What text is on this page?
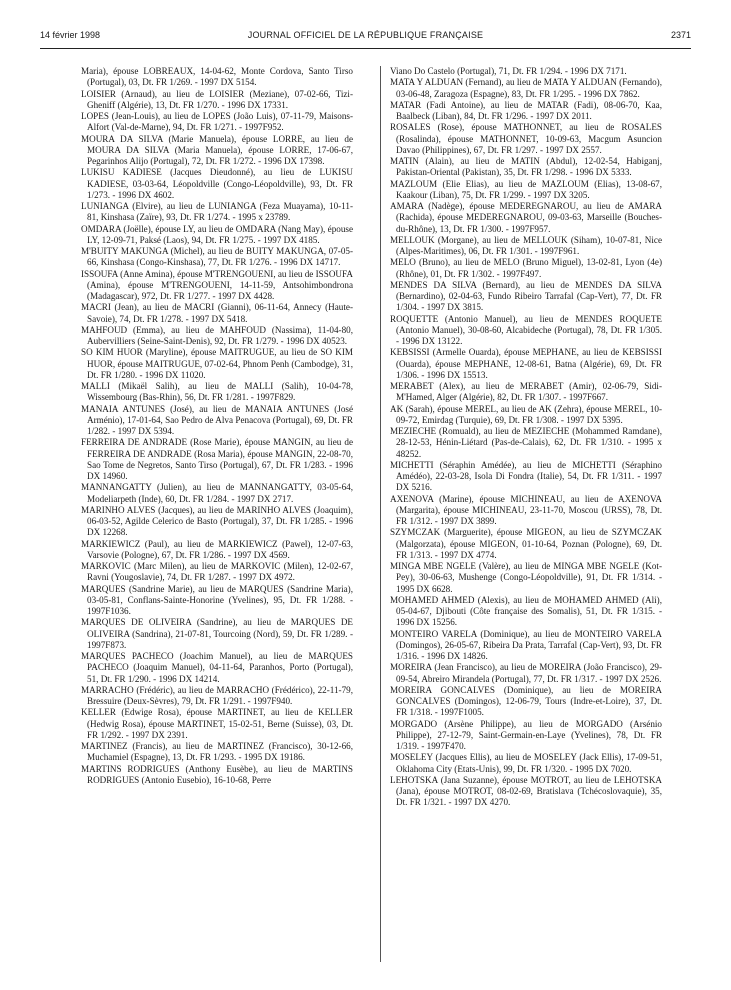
14 février 1998	JOURNAL OFFICIEL DE LA RÉPUBLIQUE FRANÇAISE	2371

Maria), épouse LOBREAUX, 14-04-62, Monte Cordova, Santo Tirso (Portugal), 03, Dt. FR 1/269. - 1997 DX 5154.

LOISIER (Arnaud), au lieu de LOISIER (Meziane), 07-02-66, Tizi-Gheniff (Algérie), 13, Dt. FR 1/270. - 1996 DX 17331.

LOPES (Jean-Louis), au lieu de LOPES (João Luis), 07-11-79, Maisons-Alfort (Val-de-Marne), 94, Dt. FR 1/271. - 1997F952.

MOURA DA SILVA (Marie Manuela), épouse LORRE, au lieu de MOURA DA SILVA (Maria Manuela), épouse LORRE, 17-06-67, Pegarinhos Alijo (Portugal), 72, Dt. FR 1/272. - 1996 DX 17398.

LUKISU KADIESE (Jacques Dieudonné), au lieu de LUKISU KADIESE, 03-03-64, Léopoldville (Congo-Léopoldville), 93, Dt. FR 1/273. - 1996 DX 4602.

LUNIANGA (Elvire), au lieu de LUNIANGA (Feza Muayama), 10-11-81, Kinshasa (Zaïre), 93, Dt. FR 1/274. - 1995 x 23789.

OMDARA (Joëlle), épouse LY, au lieu de OMDARA (Nang May), épouse LY, 12-09-71, Paksé (Laos), 94, Dt. FR 1/275. - 1997 DX 4185.

M'BUITY MAKUNGA (Michel), au lieu de BUITY MAKUNGA, 07-05-66, Kinshasa (Congo-Kinshasa), 77, Dt. FR 1/276. - 1996 DX 14717.

ISSOUFA (Anne Amina), épouse M'TRENGOUENI, au lieu de ISSOUFA (Amina), épouse M'TRENGOUENI, 14-11-59, Antsohimbondrona (Madagascar), 972, Dt. FR 1/277. - 1997 DX 4428.

MACRI (Jean), au lieu de MACRI (Gianni), 06-11-64, Annecy (Haute-Savoie), 74, Dt. FR 1/278. - 1997 DX 5418.

MAHFOUD (Emma), au lieu de MAHFOUD (Nassima), 11-04-80, Aubervilliers (Seine-Saint-Denis), 92, Dt. FR 1/279. - 1996 DX 40523.

SO KIM HUOR (Maryline), épouse MAITRUGUE, au lieu de SO KIM HUOR, épouse MAITRUGUE, 07-02-64, Phnom Penh (Cambodge), 31, Dt. FR 1/280. - 1996 DX 11020.

MALLI (Mikaël Salih), au lieu de MALLI (Salih), 10-04-78, Wissembourg (Bas-Rhin), 56, Dt. FR 1/281. - 1997F829.

MANAIA ANTUNES (José), au lieu de MANAIA ANTUNES (José Arménio), 17-01-64, Sao Pedro de Alva Penacova (Portugal), 69, Dt. FR 1/282. - 1997 DX 5394.

FERREIRA DE ANDRADE (Rose Marie), épouse MANGIN, au lieu de FERREIRA DE ANDRADE (Rosa Maria), épouse MANGIN, 22-08-70, Sao Tome de Negretos, Santo Tirso (Portugal), 67, Dt. FR 1/283. - 1996 DX 14960.

MANNANGATTY (Julien), au lieu de MANNANGATTY, 03-05-64, Modeliarpeth (Inde), 60, Dt. FR 1/284. - 1997 DX 2717.

MARINHO ALVES (Jacques), au lieu de MARINHO ALVES (Joaquim), 06-03-52, Agilde Celerico de Basto (Portugal), 37, Dt. FR 1/285. - 1996 DX 12268.

MARKIEWICZ (Paul), au lieu de MARKIEWICZ (Pawel), 12-07-63, Varsovie (Pologne), 67, Dt. FR 1/286. - 1997 DX 4569.

MARKOVIC (Marc Milen), au lieu de MARKOVIC (Milen), 12-02-67, Ravni (Yougoslavie), 74, Dt. FR 1/287. - 1997 DX 4972.

MARQUES (Sandrine Marie), au lieu de MARQUES (Sandrine Maria), 03-05-81, Conflans-Sainte-Honorine (Yvelines), 95, Dt. FR 1/288. - 1997F1036.

MARQUES DE OLIVEIRA (Sandrine), au lieu de MARQUES DE OLIVEIRA (Sandrina), 21-07-81, Tourcoing (Nord), 59, Dt. FR 1/289. - 1997F873.

MARQUES PACHECO (Joachim Manuel), au lieu de MARQUES PACHECO (Joaquim Manuel), 04-11-64, Paranhos, Porto (Portugal), 51, Dt. FR 1/290. - 1996 DX 14214.

MARRACHO (Frédéric), au lieu de MARRACHO (Frédérico), 22-11-79, Bressuire (Deux-Sèvres), 79, Dt. FR 1/291. - 1997F940.

KELLER (Edwige Rosa), épouse MARTINET, au lieu de KELLER (Hedwig Rosa), épouse MARTINET, 15-02-51, Berne (Suisse), 03, Dt. FR 1/292. - 1997 DX 2391.

MARTINEZ (Francis), au lieu de MARTINEZ (Francisco), 30-12-66, Muchamiel (Espagne), 13, Dt. FR 1/293. - 1995 DX 19186.

MARTINS RODRIGUES (Anthony Eusèbe), au lieu de MARTINS RODRIGUES (Antonio Eusebio), 16-10-68, Perre

Viano Do Castelo (Portugal), 71, Dt. FR 1/294. - 1996 DX 7171.

MATA Y ALDUAN (Fernand), au lieu de MATA Y ALDUAN (Fernando), 03-06-48, Zaragoza (Espagne), 83, Dt. FR 1/295. - 1996 DX 7862.

MATAR (Fadi Antoine), au lieu de MATAR (Fadi), 08-06-70, Kaa, Baalbeck (Liban), 84, Dt. FR 1/296. - 1997 DX 2011.

ROSALES (Rose), épouse MATHONNET, au lieu de ROSALES (Rosalinda), épouse MATHONNET, 10-09-63, Macgum Asuncion Davao (Philippines), 67, Dt. FR 1/297. - 1997 DX 2557.

MATIN (Alain), au lieu de MATIN (Abdul), 12-02-54, Habiganj, Pakistan-Oriental (Pakistan), 35, Dt. FR 1/298. - 1996 DX 5333.

MAZLOUM (Elie Elias), au lieu de MAZLOUM (Elias), 13-08-67, Kaakour (Liban), 75, Dt. FR 1/299. - 1997 DX 3205.

AMARA (Nadège), épouse MEDEREGNAROU, au lieu de AMARA (Rachida), épouse MEDEREGNAROU, 09-03-63, Marseille (Bouches-du-Rhône), 13, Dt. FR 1/300. - 1997F957.

MELLOUK (Morgane), au lieu de MELLOUK (Siham), 10-07-81, Nice (Alpes-Maritimes), 06, Dt. FR 1/301. - 1997F961.

MELO (Bruno), au lieu de MELO (Bruno Miguel), 13-02-81, Lyon (4e) (Rhône), 01, Dt. FR 1/302. - 1997F497.

MENDES DA SILVA (Bernard), au lieu de MENDES DA SILVA (Bernardino), 02-04-63, Fundo Ribeiro Tarrafal (Cap-Vert), 77, Dt. FR 1/304. - 1997 DX 3815.

ROQUETTE (Antonio Manuel), au lieu de MENDES ROQUETE (Antonio Manuel), 30-08-60, Alcabideche (Portugal), 78, Dt. FR 1/305. - 1996 DX 13122.

KEBSISSI (Armelle Ouarda), épouse MEPHANE, au lieu de KEBSISSI (Ouarda), épouse MEPHANE, 12-08-61, Batna (Algérie), 69, Dt. FR 1/306. - 1996 DX 15513.

MERABET (Alex), au lieu de MERABET (Amir), 02-06-79, Sidi-M'Hamed, Alger (Algérie), 82, Dt. FR 1/307. - 1997F667.

AK (Sarah), épouse MEREL, au lieu de AK (Zehra), épouse MEREL, 10-09-72, Emirdag (Turquie), 69, Dt. FR 1/308. - 1997 DX 5395.

MEZIECHE (Romuald), au lieu de MEZIECHE (Mohammed Ramdane), 28-12-53, Hénin-Liétard (Pas-de-Calais), 62, Dt. FR 1/310. - 1995 x 48252.

MICHETTI (Séraphin Amédée), au lieu de MICHETTI (Séraphino Amédéo), 22-03-28, Isola Di Fondra (Italie), 54, Dt. FR 1/311. - 1997 DX 5216.

AXENOVA (Marine), épouse MICHINEAU, au lieu de AXENOVA (Margarita), épouse MICHINEAU, 23-11-70, Moscou (URSS), 78, Dt. FR 1/312. - 1997 DX 3899.

SZYMCZAK (Marguerite), épouse MIGEON, au lieu de SZYMCZAK (Malgorzata), épouse MIGEON, 01-10-64, Poznan (Pologne), 69, Dt. FR 1/313. - 1997 DX 4774.

MINGA MBE NGELE (Valère), au lieu de MINGA MBE NGELE (Kot-Pey), 30-06-63, Mushenge (Congo-Léopoldville), 91, Dt. FR 1/314. - 1995 DX 6628.

MOHAMED AHMED (Alexis), au lieu de MOHAMED AHMED (Ali), 05-04-67, Djibouti (Côte française des Somalis), 51, Dt. FR 1/315. - 1996 DX 15256.

MONTEIRO VARELA (Dominique), au lieu de MONTEIRO VARELA (Domingos), 26-05-67, Ribeira Da Prata, Tarrafal (Cap-Vert), 93, Dt. FR 1/316. - 1996 DX 14826.

MOREIRA (Jean Francisco), au lieu de MOREIRA (João Francisco), 29-09-54, Abreiro Mirandela (Portugal), 77, Dt. FR 1/317. - 1997 DX 2526.

MOREIRA GONCALVES (Dominique), au lieu de MOREIRA GONCALVES (Domingos), 12-06-79, Tours (Indre-et-Loire), 37, Dt. FR 1/318. - 1997F1005.

MORGADO (Arsène Philippe), au lieu de MORGADO (Arsénio Philippe), 27-12-79, Saint-Germain-en-Laye (Yvelines), 78, Dt. FR 1/319. - 1997F470.

MOSELEY (Jacques Ellis), au lieu de MOSELEY (Jack Ellis), 17-09-51, Oklahoma City (Etats-Unis), 99, Dt. FR 1/320. - 1995 DX 7020.

LEHOTSKA (Jana Suzanne), épouse MOTROT, au lieu de LEHOTSKA (Jana), épouse MOTROT, 08-02-69, Bratislava (Tchécoslovaquie), 35, Dt. FR 1/321. - 1997 DX 4270.
